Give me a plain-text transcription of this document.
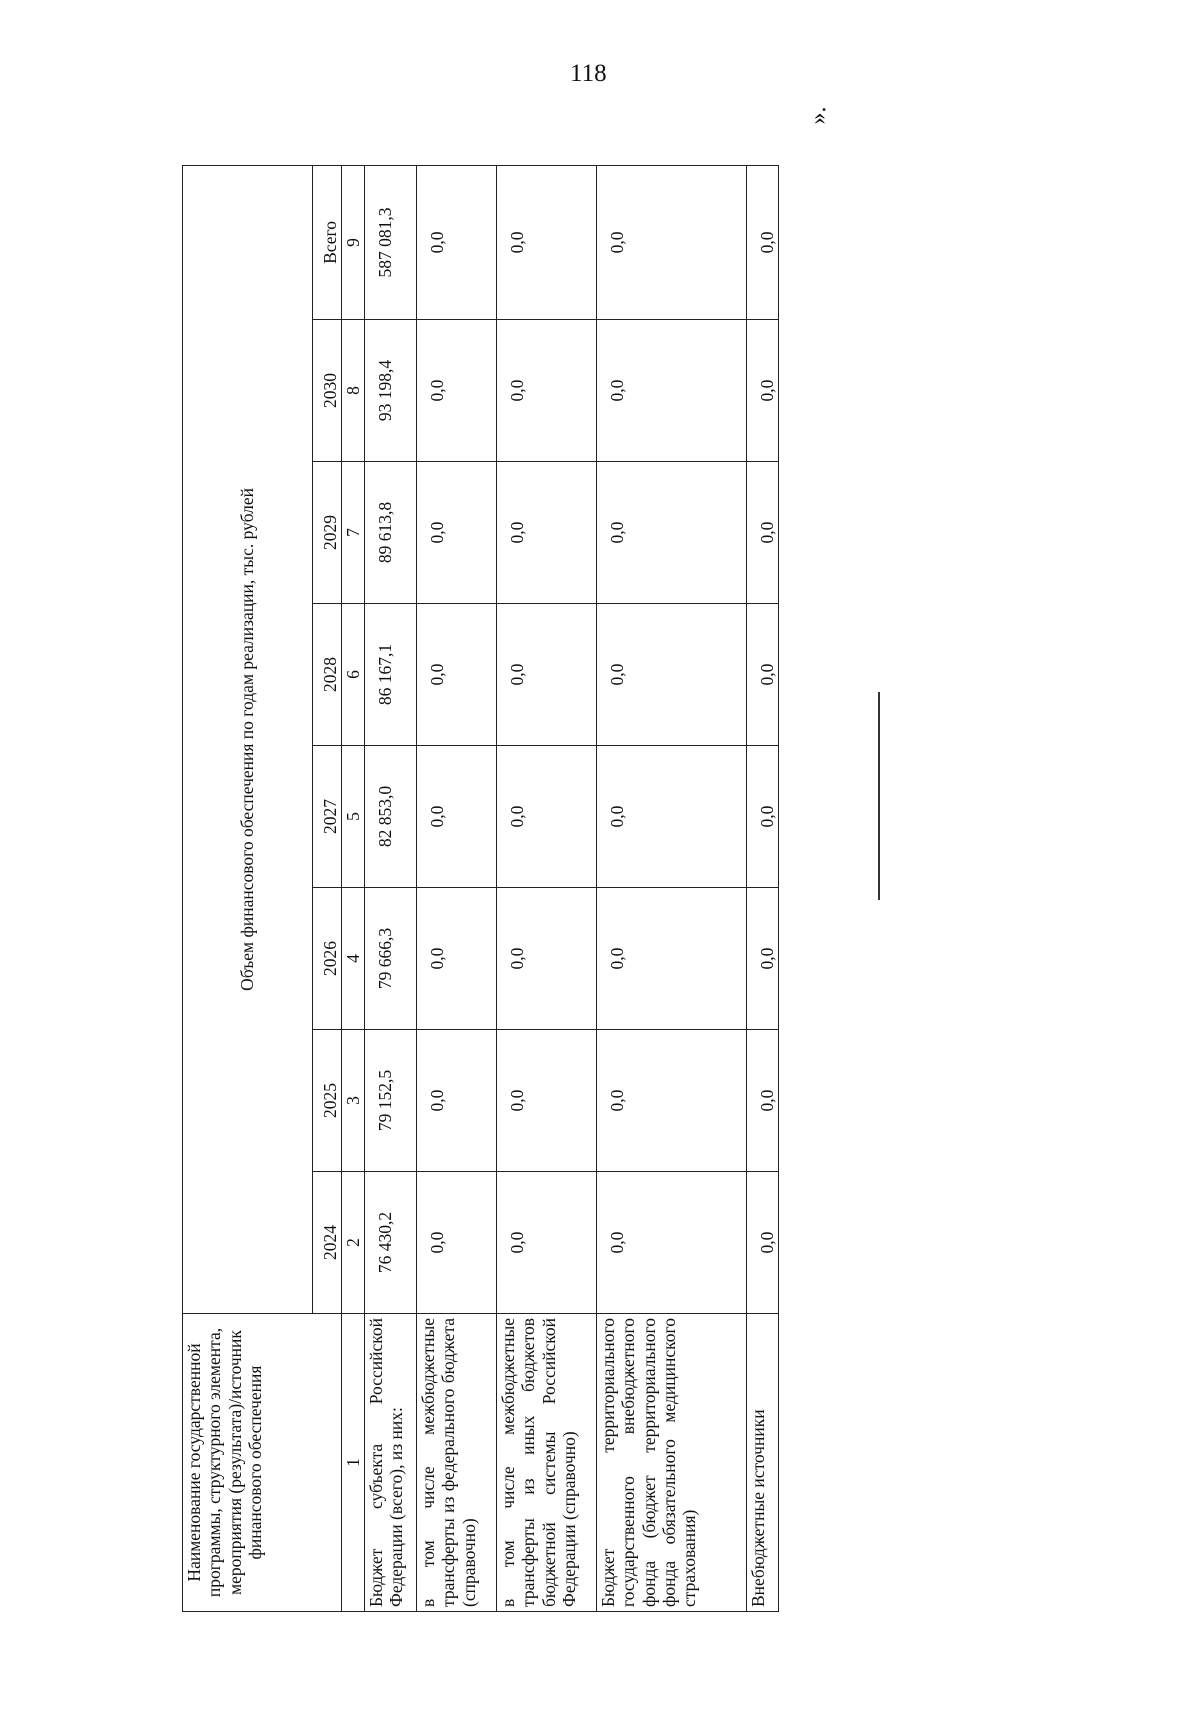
118
».
Наименование государственной программы, структурного элемента, мероприятия (результата)/источник финансового обеспечения	Объем финансового обеспечения по годам реализации, тыс. рублей							
	2024	2025	2026	2027	2028	2029	2030	Всего
1	2	3	4	5	6	7	8	9
Бюджет субъекта Российской Федерации (всего), из них:	76 430,2	79 152,5	79 666,3	82 853,0	86 167,1	89 613,8	93 198,4	587 081,3
в том числе межбюджетные трансферты из федерального бюджета (справочно)	0,0	0,0	0,0	0,0	0,0	0,0	0,0	0,0
в том числе межбюджетные трансферты из иных бюджетов бюджетной системы Российской Федерации (справочно)	0,0	0,0	0,0	0,0	0,0	0,0	0,0	0,0
Бюджет территориального государственного внебюджетного фонда (бюджет территориального фонда обязательного медицинского страхования)	0,0	0,0	0,0	0,0	0,0	0,0	0,0	0,0
Внебюджетные источники	0,0	0,0	0,0	0,0	0,0	0,0	0,0	0,0
